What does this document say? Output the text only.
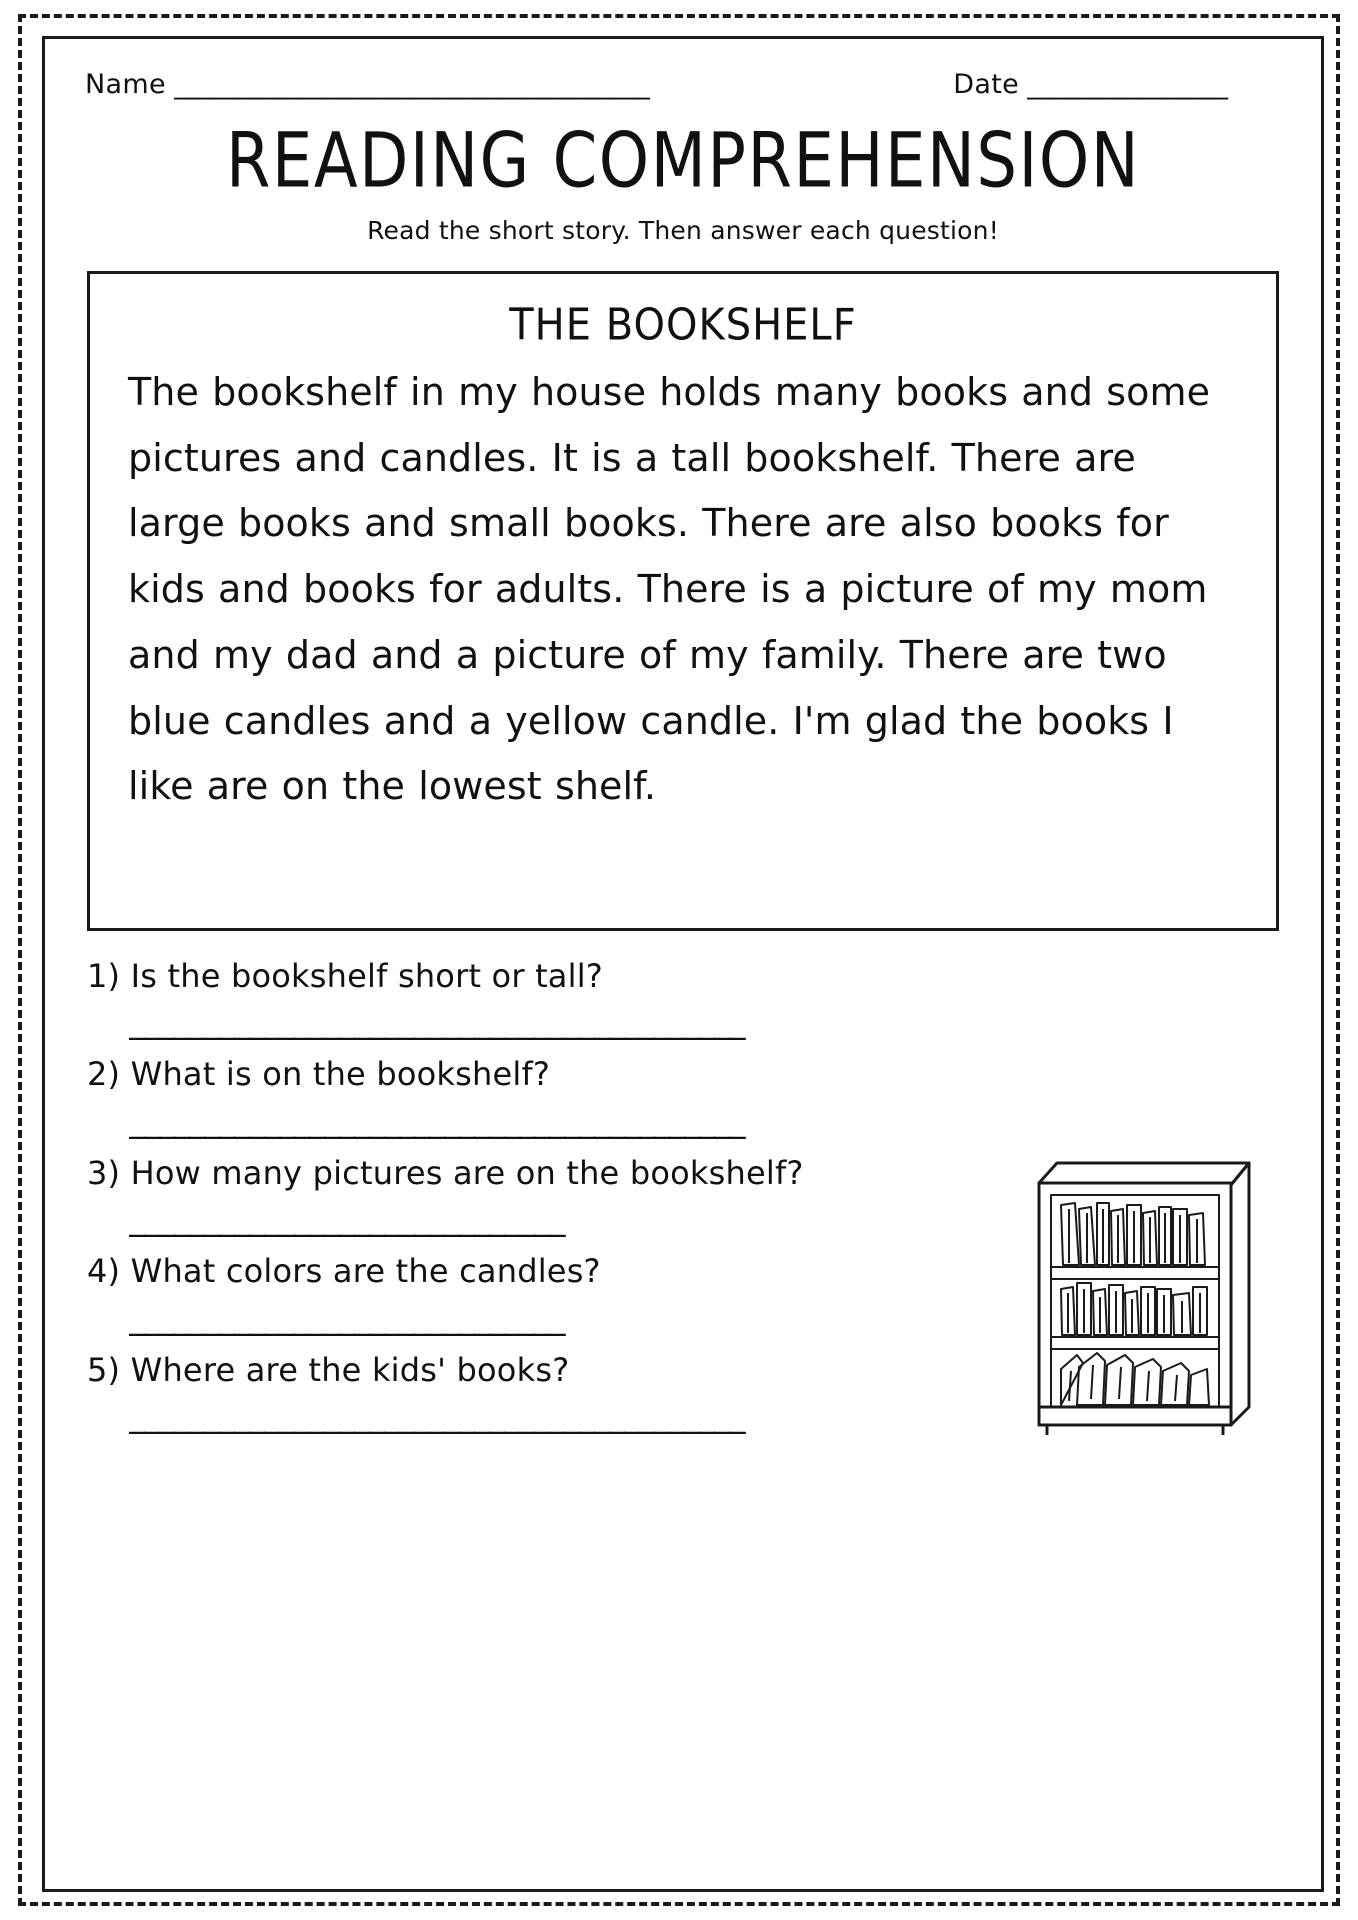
Name ______________________________________	Date ________________
READING COMPREHENSION

Read the short story. Then answer each question!

THE BOOKSHELF
The bookshelf in my house holds many books and some pictures and candles. It is a tall bookshelf. There are large books and small books. There are also books for kids and books for adults. There is a picture of my mom and my dad and a picture of my family. There are two blue candles and a yellow candle. I'm glad the books I like are on the lowest shelf.

1) Is the bookshelf short or tall?

_________________________________________

2) What is on the bookshelf?

_________________________________________

3) How many pictures are on the bookshelf?

_____________________________

4) What colors are the candles?

_____________________________

5) Where are the kids' books?

_________________________________________
